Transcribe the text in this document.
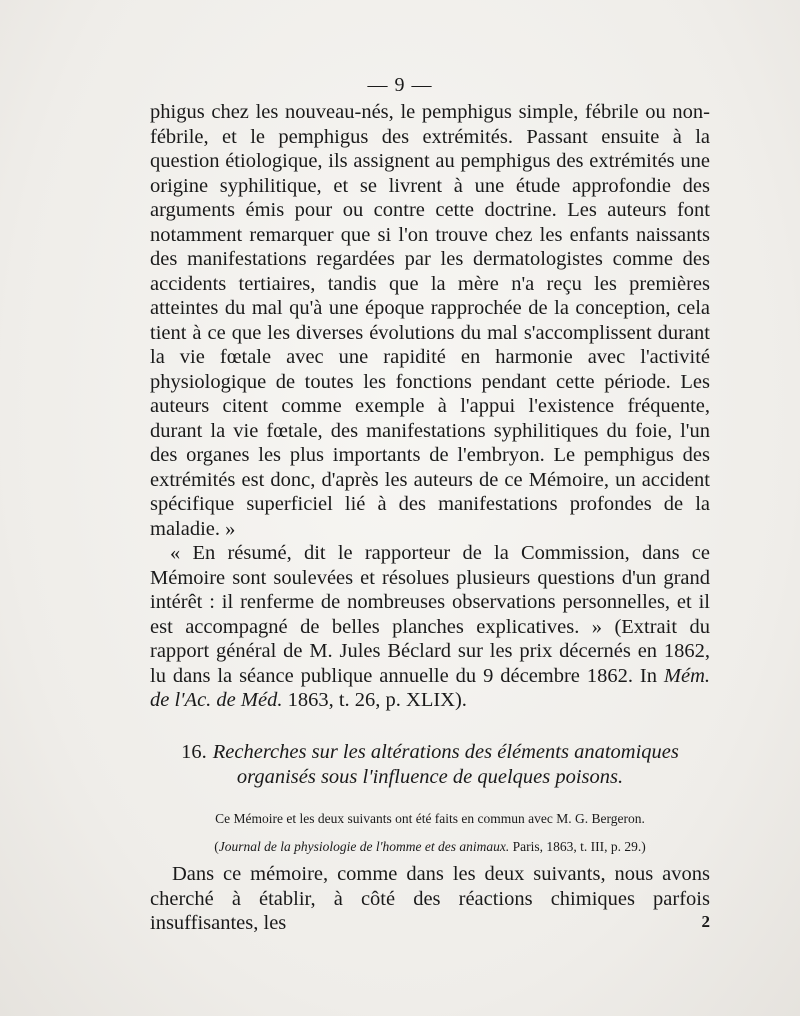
— 9 —

phigus chez les nouveau-nés, le pemphigus simple, fébrile ou non-fébrile, et le pemphigus des extrémités. Passant ensuite à la question étiologique, ils assignent au pemphigus des extrémités une origine syphilitique, et se livrent à une étude approfondie des arguments émis pour ou contre cette doctrine. Les auteurs font notamment remarquer que si l'on trouve chez les enfants naissants des manifestations regardées par les dermatologistes comme des accidents tertiaires, tandis que la mère n'a reçu les premières atteintes du mal qu'à une époque rapprochée de la conception, cela tient à ce que les diverses évolutions du mal s'accomplissent durant la vie fœtale avec une rapidité en harmonie avec l'activité physiologique de toutes les fonctions pendant cette période. Les auteurs citent comme exemple à l'appui l'existence fréquente, durant la vie fœtale, des manifestations syphilitiques du foie, l'un des organes les plus importants de l'embryon. Le pemphigus des extrémités est donc, d'après les auteurs de ce Mémoire, un accident spécifique superficiel lié à des manifestations profondes de la maladie. »

« En résumé, dit le rapporteur de la Commission, dans ce Mémoire sont soulevées et résolues plusieurs questions d'un grand intérêt : il renferme de nombreuses observations personnelles, et il est accompagné de belles planches explicatives. » (Extrait du rapport général de M. Jules Béclard sur les prix décernés en 1862, lu dans la séance publique annuelle du 9 décembre 1862. In Mém. de l'Ac. de Méd. 1863, t. 26, p. XLIX).

16. Recherches sur les altérations des éléments anatomiques organisés sous l'influence de quelques poisons.
Ce Mémoire et les deux suivants ont été faits en commun avec M. G. Bergeron.
(Journal de la physiologie de l'homme et des animaux. Paris, 1863, t. III, p. 29.)
Dans ce mémoire, comme dans les deux suivants, nous avons cherché à établir, à côté des réactions chimiques parfois insuffisantes, les	2
